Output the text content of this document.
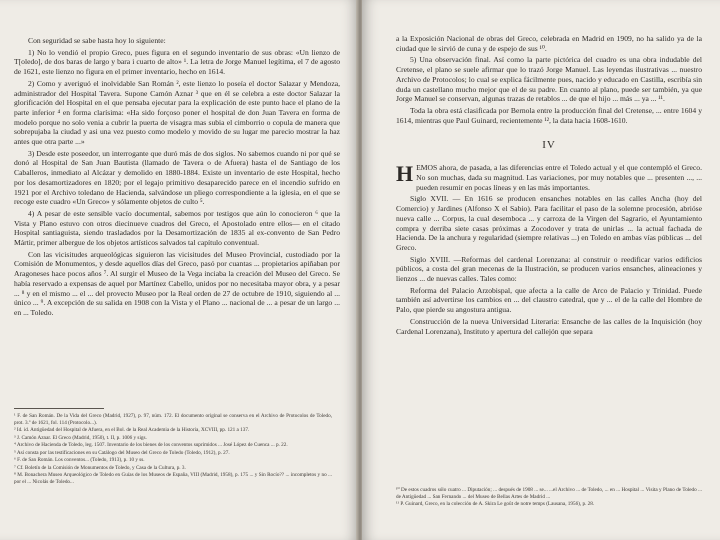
Con seguridad se sabe hasta hoy lo siguiente:

1) No lo vendió el propio Greco, pues figura en el segundo inventario de sus obras: «Un lienzo de T[oledo], de dos baras de largo y bara i cuarto de alto» ¹. La letra de Jorge Manuel legítima, el 7 de agosto de 1621, este lienzo no figura en el primer inventario, hecho en 1614.

2) Como y averiguó el inolvidable San Román ², este lienzo lo poseía el doctor Salazar y Mendoza, administrador del Hospital Tavera. Supone Camón Aznar ³ que en él se celebra a este doctor Salazar la glorificación del Hospital en el que pensaba ejecutar para la explicación de este punto hace el plano de la parte inferior ⁴ en forma clarísima: «Ha sido forçoso poner el hospital de don Juan Tavera en forma de modelo porque no solo venia a cubrir la puerta de visagra mas subia el cimborrio o copula de manera que sobrepujaba la ciudad y asi una vez puesto como modelo y movido de su lugar me parecio mostrar la haz antes que otra parte ...»

3) Desde este poseedor, un interrogante que duró más de dos siglos. No sabemos cuando ni por qué se donó al Hospital de San Juan Bautista (llamado de Tavera o de Afuera) hasta el de Santiago de los Caballeros, inmediato al Alcázar y demolido en 1880-1884. Existe un inventario de este Hospital, hecho por los desamortizadores en 1820; por el legajo primitivo desaparecido parece en el incendio sufrido en 1921 por el Archivo toledano de Hacienda, salvándose un pliego correspondiente a la iglesia, en el que se recoge este cuadro «Un Greco» y sólamente objetos de culto ⁵.

4) A pesar de este sensible vacío documental, sabemos por testigos que aún lo conocieron ⁶ que la Vista y Plano estuvo con otros diecinueve cuadros del Greco, el Apostolado entre ellos— en el citado Hospital santiaguista, siendo trasladados por la Desamortización de 1835 al ex-convento de San Pedro Mártir, primer albergue de los objetos artísticos salvados tal capítulo conventual.

Con las vicisitudes arqueológicas siguieron las vicisitudes del Museo Provincial, custodiado por la Comisión de Monumentos, y desde aquellos días del Greco, pasó por cuantas ... propietarios apiñaban por Aragoneses hace pocos años ⁷. Al surgir el Museo de la Vega inciaba la creación del Museo del Greco. Se había reservado a expensas de aquel por Martínez Cabello, unidos por no necesitaba mayor obra, y a pesar ... ⁸ y en el mismo ... el ... del provecto Museo por la Real orden de 27 de octubre de 1910, siguiendo al ... único ... ⁹. A excepción de su salida en 1908 con la Vista y el Plano ... nacional de ... a pesar de un largo ... en ... Toledo.

¹ F. de San Román. De la Vida del Greco (Madrid, 1927), p. 97, núm. 172. El documento original se conserva en el Archivo de Protocolos de Toledo, prot. 3.º de 1621, fol. 114 (Protocolo...).

² Id. id. Antigüedad del Hospital de Afuera, en el Bol. de la Real Academia de la Historia, XCVIII, pp. 121 a 137.

³ J. Camón Aznar. El Greco (Madrid, 1950), t. II, p. 1006 y sigs.

⁴ Archivo de Hacienda de Toledo, leg. 1507. Inventario de los bienes de los conventos suprimidos ... José López de Cuenca ... p. 22.

⁵ Así consta por las testificaciones en su Catálogo del Museo del Greco de Toledo (Toledo, 1912), p. 27.

⁶ F. de San Román. Los conventos... (Toledo, 1913), p. 10 y ss.

⁷ Cf. Boletín de la Comisión de Monumentos de Toledo, y Casa de la Cultura, p. 3.

⁸ M. Bonachera Museo Arqueológico de Toledo en Guías de los Museos de España, VIII (Madrid, 1958), p. 175 ... y Sin Rocío?? ... incompletos y no ... por el ... Nicolás de Toledo...

a la Exposición Nacional de obras del Greco, celebrada en Madrid en 1909, no ha salido ya de la ciudad que le sirvió de cuna y de espejo de sus ¹⁰.

5) Una observación final. Así como la parte pictórica del cuadro es una obra indudable del Cretense, el plano se suele afirmar que lo trazó Jorge Manuel. Las leyendas ilustrativas ... nuestro Archivo de Protocolos; lo cual se explica fácilmente pues, nacido y educado en Castilla, escribía sin duda un castellano mucho mejor que el de su padre. En cuanto al plano, puede ser también, ya que Jorge Manuel se conservan, algunas trazas de retablos ... de que el hijo ... más ... ya ... ¹¹.

Toda la obra está clasificada por Bernola entre la producción final del Cretense, ... entre 1604 y 1614, mientras que Paul Guinard, recientemente ¹², la data hacia 1608-1610.

IV

HEMOS ahora, de pasada, a las diferencias entre el Toledo actual y el que contempló el Greco. No son muchas, dada su magnitud. Las variaciones, por muy notables que ... presenten ..., ... pueden resumir en pocas líneas y en las más importantes.

Siglo XVII. — En 1616 se producen ensanches notables en las calles Ancha (hoy del Comercio) y Jardines (Alfonso X el Sabio). Para facilitar el paso de la solemne procesión, abrióse nueva calle ... Corpus, la cual desemboca ... y carroza de la Virgen del Sagrario, el Ayuntamiento compra y derriba siete casas próximas a Zocodover y trata de unirlas ... la actual fachada de Hacienda. De la anchura y regularidad (siempre relativas ...) en Toledo en ambas vías públicas ... del Greco.

Siglo XVIII. —Reformas del cardenal Lorenzana: al construir o reedificar varios edificios públicos, a costa del gran mecenas de la Ilustración, se producen varios ensanches, alineaciones y lienzos ... de nuevas calles. Tales como:

Reforma del Palacio Arzobispal, que afecta a la calle de Arco de Palacio y Trinidad. Puede también así advertirse los cambios en ... del claustro catedral, que y ... el de la calle del Hombre de Palo, que pierde su angostura antigua.

Construcción de la nueva Universidad Literaria: Ensanche de las calles de la Inquisición (hoy Cardenal Lorenzana), Instituto y apertura del callejón que separa

¹⁰ De estos cuadros sólo cuatro ... Diputación; ... después de 1908 ... se... ...el Archivo ... de Toledo, ... en ... Hospital ... Visita y Plano de Toledo ... de Antigüedad ... San Fernando ... del Museo de Bellas Artes de Madrid ...

¹¹ P. Guinard, Greco, en la colección de A. Skira Le goût de notre temps (Lausana, 1956), p. 28.
